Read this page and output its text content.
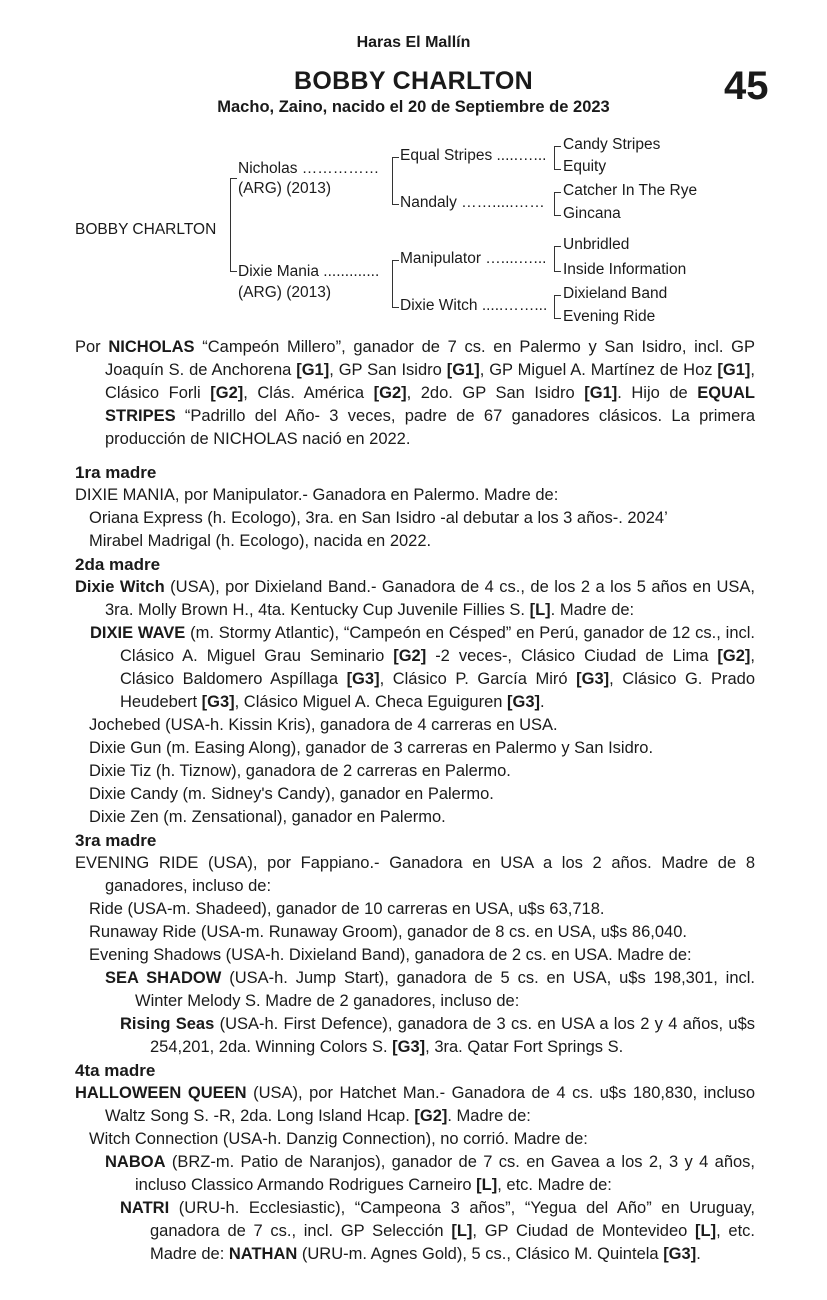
Haras El Mallín
BOBBY CHARLTON
Macho, Zaino, nacido el 20 de Septiembre de 2023	45
BOBBY CHARLTON
Nicholas ……………
(ARG) (2013)
Dixie Mania .............
(ARG) (2013)
Equal Stripes .....…...
Nandaly …….....……
Manipulator …....…...
Dixie Witch .....……...
Candy Stripes
Equity
Catcher In The Rye
Gincana
Unbridled
Inside Information
Dixieland Band
Evening Ride

Por NICHOLAS “Campeón Millero”, ganador de 7 cs. en Palermo y San Isidro, incl. GP Joaquín S. de Anchorena [G1], GP San Isidro [G1], GP Miguel A. Martínez de Hoz [G1], Clásico Forli [G2], Clás. América [G2], 2do. GP San Isidro [G1]. Hijo de EQUAL STRIPES “Padrillo del Año- 3 veces, padre de 67 ganadores clásicos. La primera producción de NICHOLAS nació en 2022.

1ra madre

DIXIE MANIA, por Manipulator.- Ganadora en Palermo. Madre de:

Oriana Express (h. Ecologo), 3ra. en San Isidro -al debutar a los 3 años-. 2024’

Mirabel Madrigal (h. Ecologo), nacida en 2022.

2da madre

Dixie Witch (USA), por Dixieland Band.- Ganadora de 4 cs., de los 2 a los 5 años en USA, 3ra. Molly Brown H., 4ta. Kentucky Cup Juvenile Fillies S. [L]. Madre de:

DIXIE WAVE (m. Stormy Atlantic), “Campeón en Césped” en Perú, ganador de 12 cs., incl. Clásico A. Miguel Grau Seminario [G2] -2 veces-, Clásico Ciudad de Lima [G2], Clásico Baldomero Aspíllaga [G3], Clásico P. García Miró [G3], Clásico G. Prado Heudebert [G3], Clásico Miguel A. Checa Eguiguren [G3].

Jochebed (USA-h. Kissin Kris), ganadora de 4 carreras en USA.

Dixie Gun (m. Easing Along), ganador de 3 carreras en Palermo y San Isidro.

Dixie Tiz (h. Tiznow), ganadora de 2 carreras en Palermo.

Dixie Candy (m. Sidney's Candy), ganador en Palermo.

Dixie Zen (m. Zensational), ganador en Palermo.

3ra madre

EVENING RIDE (USA), por Fappiano.- Ganadora en USA a los 2 años. Madre de 8 ganadores, incluso de:

Ride (USA-m. Shadeed), ganador de 10 carreras en USA, u$s 63,718.

Runaway Ride (USA-m. Runaway Groom), ganador de 8 cs. en USA, u$s 86,040.

Evening Shadows (USA-h. Dixieland Band), ganadora de 2 cs. en USA. Madre de:

SEA SHADOW (USA-h. Jump Start), ganadora de 5 cs. en USA, u$s 198,301, incl. Winter Melody S. Madre de 2 ganadores, incluso de:

Rising Seas (USA-h. First Defence), ganadora de 3 cs. en USA a los 2 y 4 años, u$s 254,201, 2da. Winning Colors S. [G3], 3ra. Qatar Fort Springs S.

4ta madre

HALLOWEEN QUEEN (USA), por Hatchet Man.- Ganadora de 4 cs. u$s 180,830, incluso Waltz Song S. -R, 2da. Long Island Hcap. [G2]. Madre de:

Witch Connection (USA-h. Danzig Connection), no corrió. Madre de:

NABOA (BRZ-m. Patio de Naranjos), ganador de 7 cs. en Gavea a los 2, 3 y 4 años, incluso Classico Armando Rodrigues Carneiro [L], etc. Madre de:

NATRI (URU-h. Ecclesiastic), “Campeona 3 años”, “Yegua del Año” en Uruguay, ganadora de 7 cs., incl. GP Selección [L], GP Ciudad de Montevideo [L], etc. Madre de: NATHAN (URU-m. Agnes Gold), 5 cs., Clásico M. Quintela [G3].
